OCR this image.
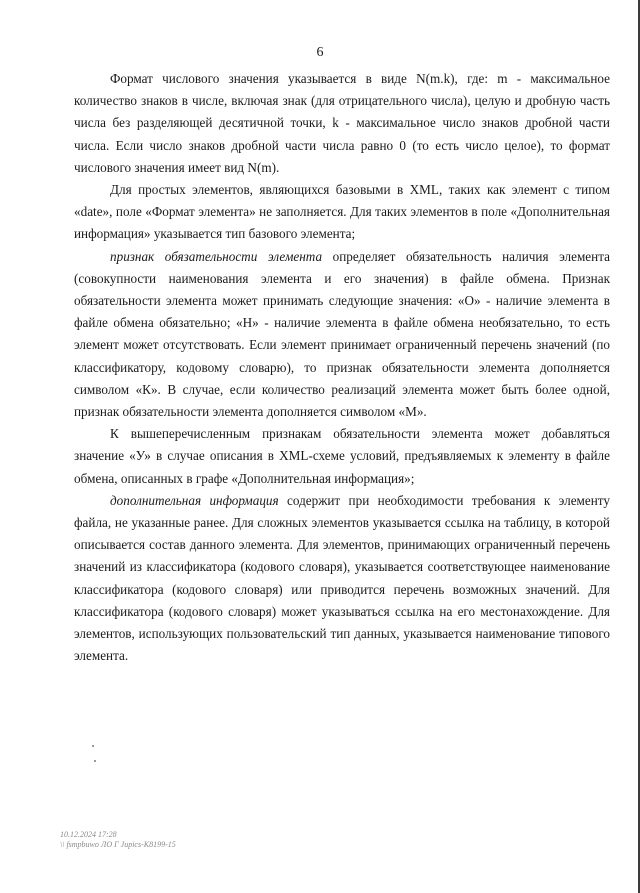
6

Формат числового значения указывается в виде N(m.k), где: m - максимальное количество знаков в числе, включая знак (для отрицательного числа), целую и дробную часть числа без разделяющей десятичной точки, k - максимальное число знаков дробной части числа. Если число знаков дробной части числа равно 0 (то есть число целое), то формат числового значения имеет вид N(m).

Для простых элементов, являющихся базовыми в XML, таких как элемент с типом «date», поле «Формат элемента» не заполняется. Для таких элементов в поле «Дополнительная информация» указывается тип базового элемента;

признак обязательности элемента определяет обязательность наличия элемента (совокупности наименования элемента и его значения) в файле обмена. Признак обязательности элемента может принимать следующие значения: «О» - наличие элемента в файле обмена обязательно; «Н» - наличие элемента в файле обмена необязательно, то есть элемент может отсутствовать. Если элемент принимает ограниченный перечень значений (по классификатору, кодовому словарю), то признак обязательности элемента дополняется символом «К». В случае, если количество реализаций элемента может быть более одной, признак обязательности элемента дополняется символом «М».

К вышеперечисленным признакам обязательности элемента может добавляться значение «У» в случае описания в XML-схеме условий, предъявляемых к элементу в файле обмена, описанных в графе «Дополнительная информация»;

дополнительная информация содержит при необходимости требования к элементу файла, не указанные ранее. Для сложных элементов указывается ссылка на таблицу, в которой описывается состав данного элемента. Для элементов, принимающих ограниченный перечень значений из классификатора (кодового словаря), указывается соответствующее наименование классификатора (кодового словаря) или приводится перечень возможных значений. Для классификатора (кодового словаря) может указываться ссылка на его местонахождение. Для элементов, использующих пользовательский тип данных, указывается наименование типового элемента.

10.12.2024 17:28
\\ fsmpbuwo ЛО Г Jupics-K8199-15
